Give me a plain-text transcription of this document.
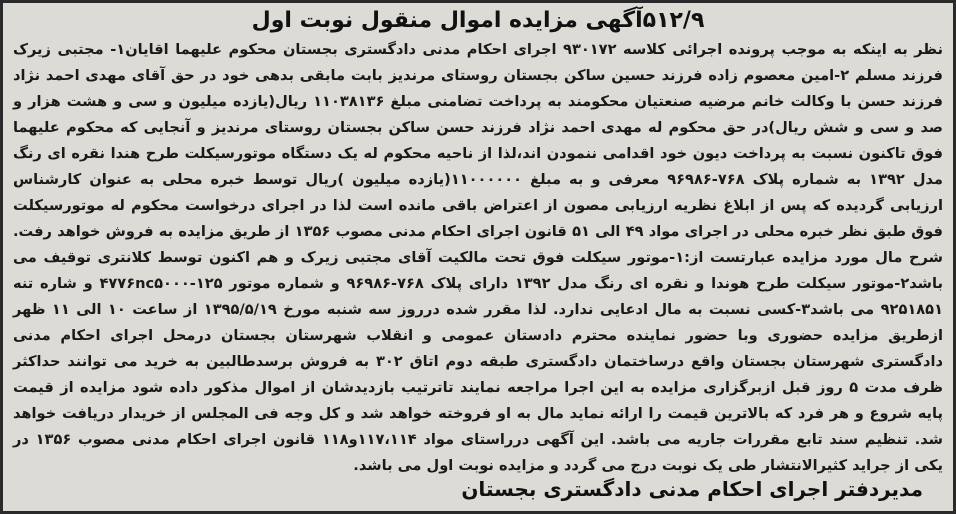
۵۱۲/۹آگهی مزایده اموال منقول نوبت اول

نظر به اینکه به موجب پرونده اجرائی کلاسه ۹۳۰۱۷۲ اجرای احکام مدنی دادگستری بجستان محکوم علیهما اقایان۱- مجتبی زیرک فرزند مسلم ۲-امین معصوم زاده فرزند حسین ساکن بجستان روستای مرندیز بابت مابقی بدهی خود در حق آقای مهدی احمد نژاد فرزند حسن با وکالت خانم مرضیه صنعتیان محکومند به پرداخت تضامنی مبلغ ۱۱۰۳۸۱۳۶ ریال(یازده میلیون و سی و هشت هزار و صد و سی و شش ریال)در حق محکوم له مهدی احمد نژاد فرزند حسن ساکن بجستان روستای مرندیز و آنجایی که محکوم علیهما فوق تاکنون نسبت به پرداخت دیون خود اقدامی ننمودن اند،لذا از ناحیه محکوم له یک دستگاه موتورسیکلت طرح هندا نقره ای رنگ مدل ۱۳۹۲ به شماره پلاک ۷۶۸-۹۶۹۸۶ معرفی و به مبلغ ۱۱۰۰۰۰۰۰(یازده میلیون )ریال توسط خبره محلی به عنوان کارشناس ارزیابی گردیده که پس از ابلاغ نظریه ارزیابی مصون از اعتراض باقی مانده است لذا در اجرای درخواست محکوم له موتورسیکلت فوق طبق نظر خبره محلی در اجرای مواد ۴۹ الی ۵۱ قانون اجرای احکام مدنی مصوب ۱۳۵۶ از طریق مزایده به فروش خواهد رفت. شرح مال مورد مزایده عبارتست از:۱-موتور سیکلت فوق تحت مالکیت آقای مجتبی زیرک و هم اکنون توسط کلانتری توقیف می باشد۲-موتور سیکلت طرح هوندا و نقره ای رنگ مدل ۱۳۹۲ دارای پلاک ۷۶۸-۹۶۹۸۶ و شماره موتور ۴۷۷۶nc۵۰۰۰-۱۲۵ و شاره تنه ۹۲۵۱۸۵۱ می باشد۳-کسی نسبت به مال ادعایی ندارد. لذا مقرر شده درروز سه شنبه مورخ ۱۳۹۵/۵/۱۹ از ساعت ۱۰ الی ۱۱ ظهر ازطریق مزایده حضوری وبا حضور نماینده محترم دادستان عمومی و انقلاب شهرستان بجستان درمحل اجرای احکام مدنی دادگستری شهرستان بجستان واقع درساختمان دادگستری طبقه دوم اتاق ۳۰۲ به فروش برسدطالبین به خرید می توانند حداکثر ظرف مدت ۵ روز قبل ازبرگزاری مزایده به این اجرا مراجعه نمایند تاترتیب بازدیدشان از اموال مذکور داده شود مزایده از قیمت پایه شروع و هر فرد که بالاترین قیمت را ارائه نماید مال به او فروخته خواهد شد و کل وجه فی المجلس از خریدار دریافت خواهد شد. تنظیم سند تابع مقررات جاریه می باشد. این آگهی درراستای مواد ۱۱۷،۱۱۴و۱۱۸ قانون اجرای احکام مدنی مصوب ۱۳۵۶ در یکی از جراید کثیرالانتشار طی یک نوبت درج می گردد و مزایده نوبت اول می باشد.

مدیردفتر اجرای احکام مدنی دادگستری بجستان
